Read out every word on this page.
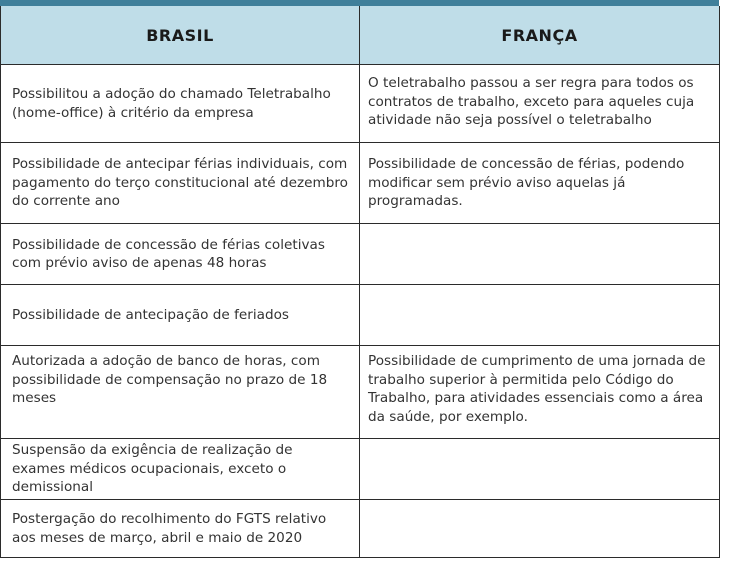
BRASIL	FRANÇA
Possibilitou a adoção do chamado Teletrabalho (home-office) à critério da empresa	O teletrabalho passou a ser regra para todos os contratos de trabalho, exceto para aqueles cuja atividade não seja possível o teletrabalho
Possibilidade de antecipar férias individuais, com pagamento do terço constitucional até dezembro do corrente ano	Possibilidade de concessão de férias, podendo modificar sem prévio aviso aquelas já programadas.
Possibilidade de concessão de férias coletivas com prévio aviso de apenas 48 horas	
Possibilidade de antecipação de feriados	
Autorizada a adoção de banco de horas, com possibilidade de compensação no prazo de 18 meses	Possibilidade de cumprimento de uma jornada de trabalho superior à permitida pelo Código do Trabalho, para atividades essenciais como a área da saúde, por exemplo.
Suspensão da exigência de realização de exames médicos ocupacionais, exceto o demissional	
Postergação do recolhimento do FGTS relativo aos meses de março, abril e maio de 2020	
